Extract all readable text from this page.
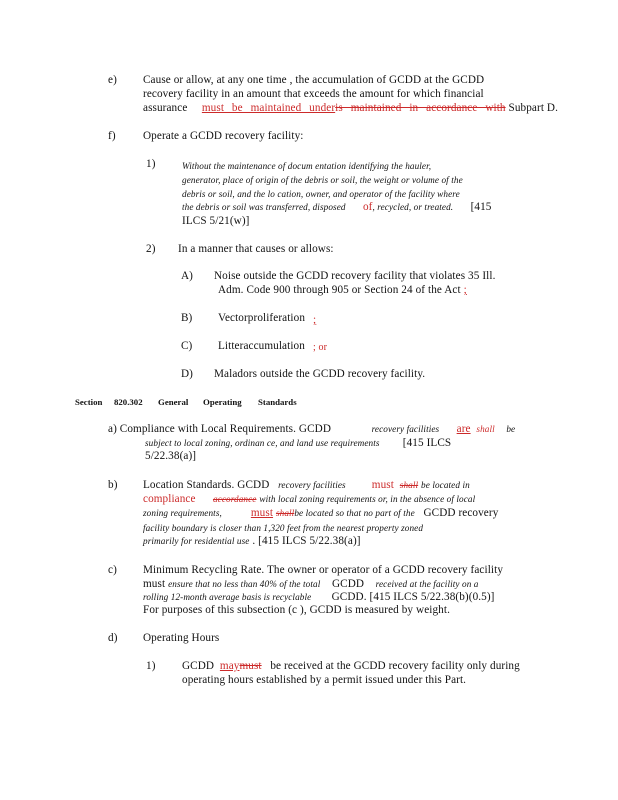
e) Cause or allow, at any one time , the accumulation of GCDD at the GCDD
recovery facility in an amount that exceeds the amount for which financial
assurance must be maintained underis maintained in accordance with Subpart D.
f) Operate a GCDD recovery facility:
1)	Without the maintenance of docum entation identifying the hauler,
generator, place of origin of the debris or soil, the weight or volume of the
debris or soil, and the lo cation, owner, and operator of the facility where
the debris or soil was transferred, disposed of, recycled, or treated. [415
ILCS 5/21(w)]
2) In a manner that causes or allows:
A) Noise outside the GCDD recovery facility that violates 35 Ill.
Adm. Code 900 through 905 or Section 24 of the Act ;
B) Vectorproliferation ;
C) Litteraccumulation ; or
D) Maladors outside the GCDD recovery facility.
Section 820.302 General Operating Standards
a) Compliance with Local Requirements. GCDD	recovery facilities are shall be
subject to local zoning, ordinan ce, and land use requirements [415 ILCS
5/22.38(a)]
b) Location Standards. GCDD recovery facilities must shall be located in
compliance accordance with local zoning requirements or, in the absence of local
zoning requirements,	must shallbe located so that no part of the GCDD recovery
facility boundary is closer than 1,320 feet from the nearest property zoned
primarily for residential use . [415 ILCS 5/22.38(a)]
c) Minimum Recycling Rate. The owner or operator of a GCDD recovery facility
must ensure that no less than 40% of the total GCDD received at the facility on a
rolling 12-month average basis is recyclable GCDD. [415 ILCS 5/22.38(b)(0.5)]
For purposes of this subsection (c ), GCDD is measured by weight.
d) Operating Hours
1) GCDD maymust be received at the GCDD recovery facility only during
operating hours established by a permit issued under this Part.
